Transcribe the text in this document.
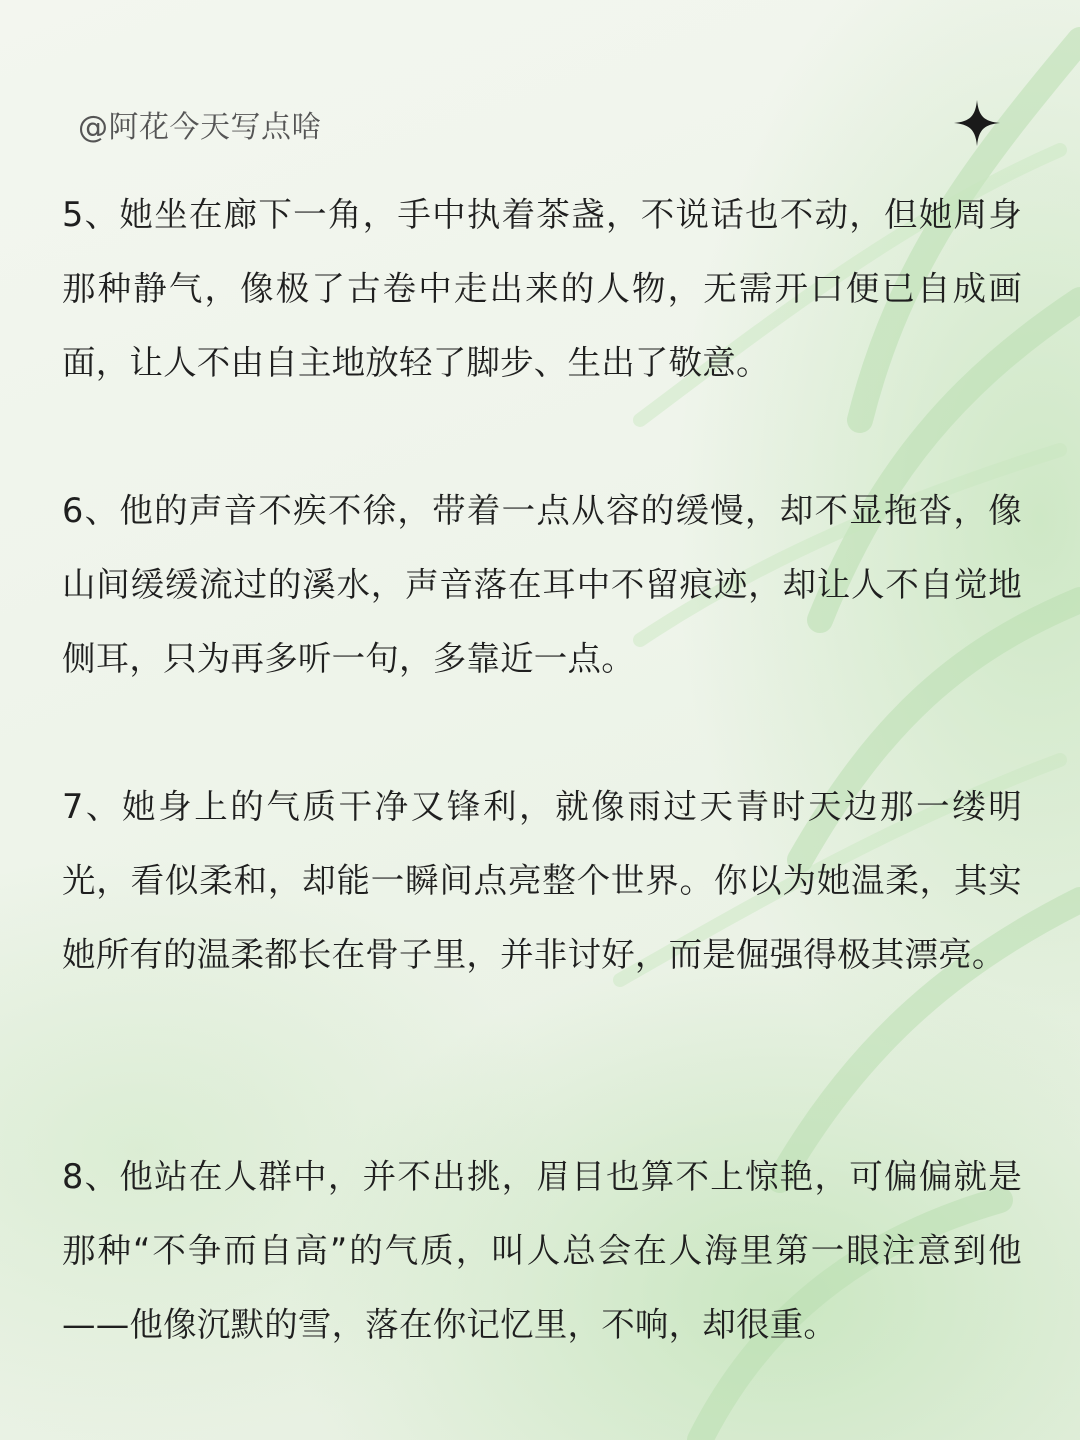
@阿花今天写点啥

5、她坐在廊下一角，手中执着茶盏，不说话也不动，但她周身那种静气，像极了古卷中走出来的人物，无需开口便已自成画面，让人不由自主地放轻了脚步、生出了敬意。

6、他的声音不疾不徐，带着一点从容的缓慢，却不显拖沓，像山间缓缓流过的溪水，声音落在耳中不留痕迹，却让人不自觉地侧耳，只为再多听一句，多靠近一点。

7、她身上的气质干净又锋利，就像雨过天青时天边那一缕明光，看似柔和，却能一瞬间点亮整个世界。你以为她温柔，其实她所有的温柔都长在骨子里，并非讨好，而是倔强得极其漂亮。

8、他站在人群中，并不出挑，眉目也算不上惊艳，可偏偏就是那种“不争而自高”的气质，叫人总会在人海里第一眼注意到他——他像沉默的雪，落在你记忆里，不响，却很重。
